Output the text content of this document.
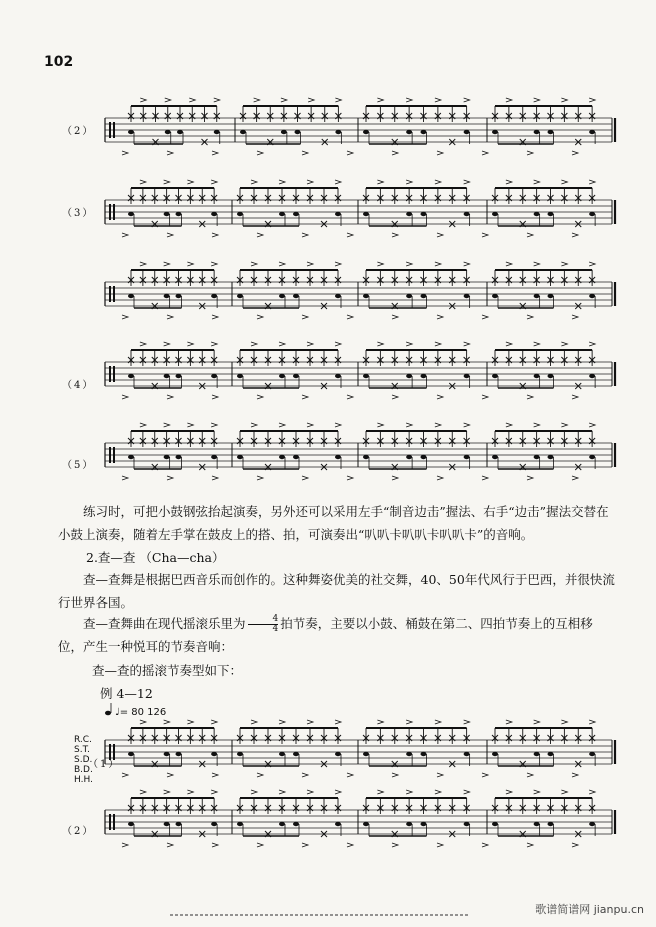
102
（2）
（3）
（4）
（5）
练习时，可把小鼓钢弦抬起演奏，另外还可以采用左手“制音边击”握法、右手“边击”握法交替在小鼓上演奏，随着左手掌在鼓皮上的搭、拍，可演奏出“叭叭卡叭叭卡叭叭卡”的音响。
2.查—查 （Cha—cha）
查—查舞是根据巴西音乐而创作的。这种舞姿优美的社交舞，40、50年代风行于巴西，并很快流行世界各国。
查—查舞曲在现代摇滚乐里为 $\frac{4}{4}$ 拍节奏，主要以小鼓、桶鼓在第二、四拍节奏上的互相移位，产生一种悦耳的节奏音响：
查—查的摇滚节奏型如下：
例 4—12
♩= 80 126
R.C.
S.T.
S.D.
B.D.
H.H.
（1）
（2）
歌谱简谱网 jianpu.cn
